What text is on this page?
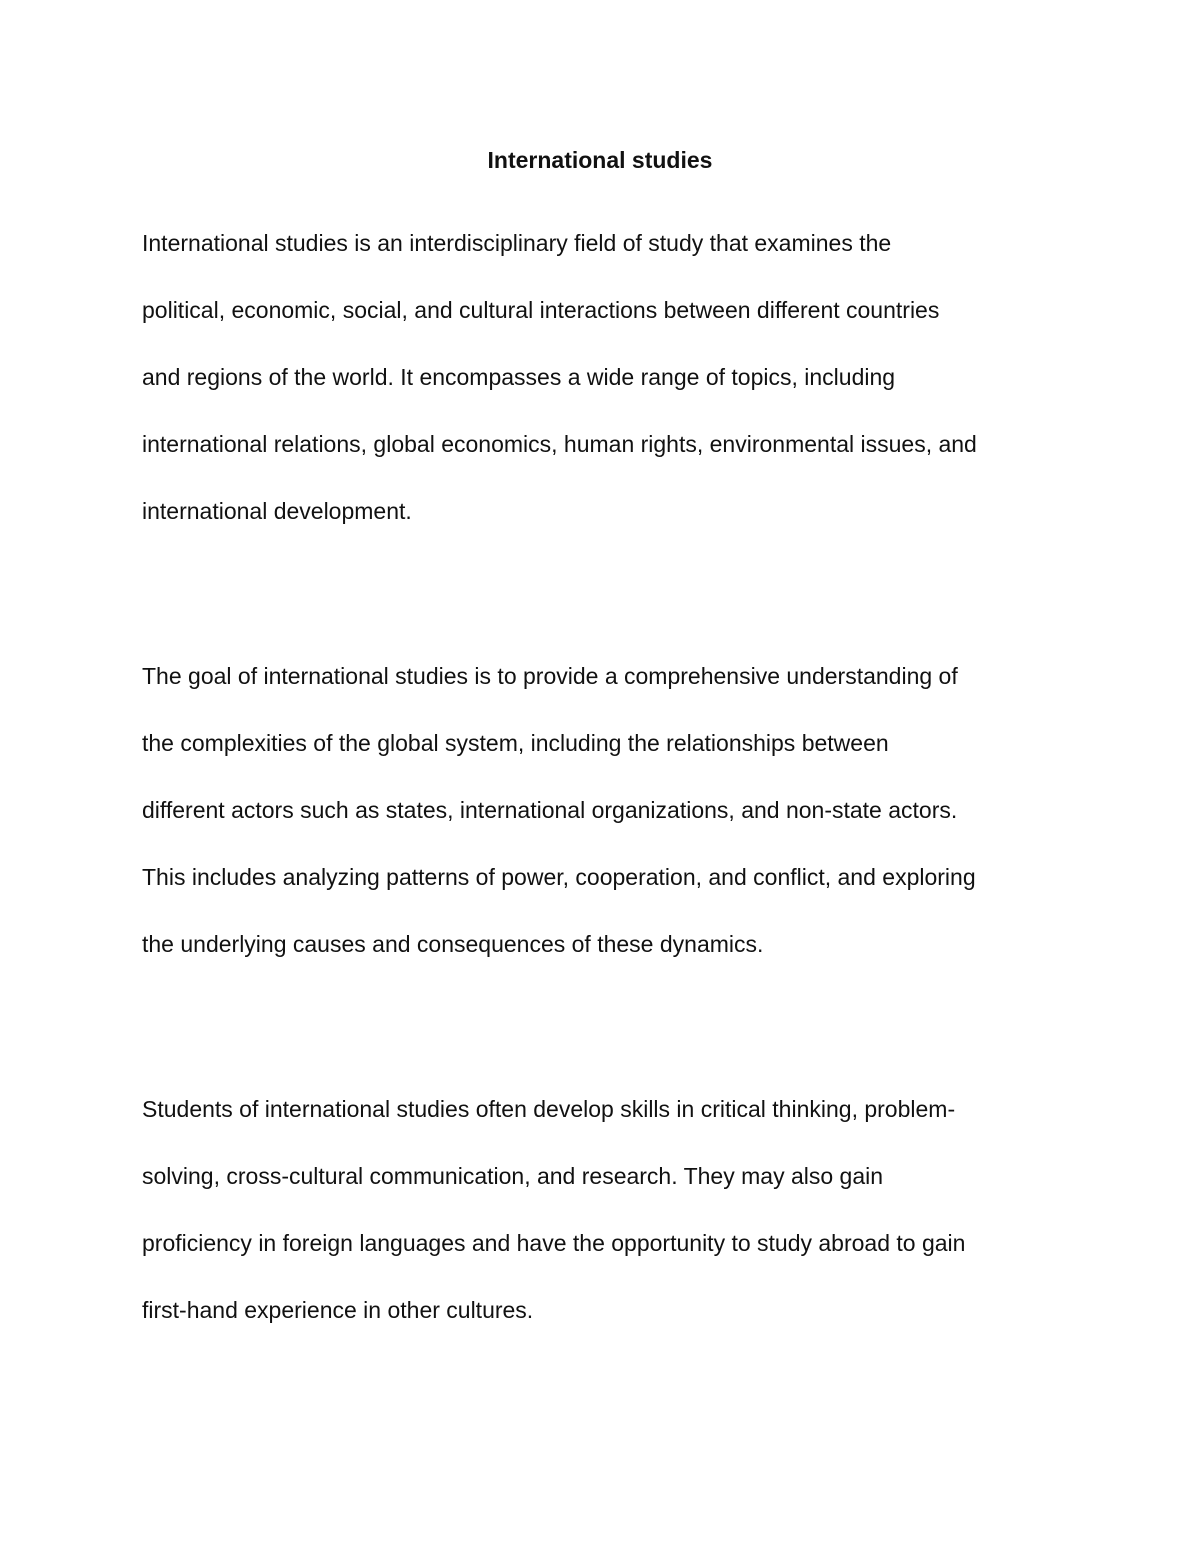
International studies

International studies is an interdisciplinary field of study that examines the

political, economic, social, and cultural interactions between different countries

and regions of the world. It encompasses a wide range of topics, including

international relations, global economics, human rights, environmental issues, and

international development.

The goal of international studies is to provide a comprehensive understanding of

the complexities of the global system, including the relationships between

different actors such as states, international organizations, and non-state actors.

This includes analyzing patterns of power, cooperation, and conflict, and exploring

the underlying causes and consequences of these dynamics.

Students of international studies often develop skills in critical thinking, problem-

solving, cross-cultural communication, and research. They may also gain

proficiency in foreign languages and have the opportunity to study abroad to gain

first-hand experience in other cultures.
